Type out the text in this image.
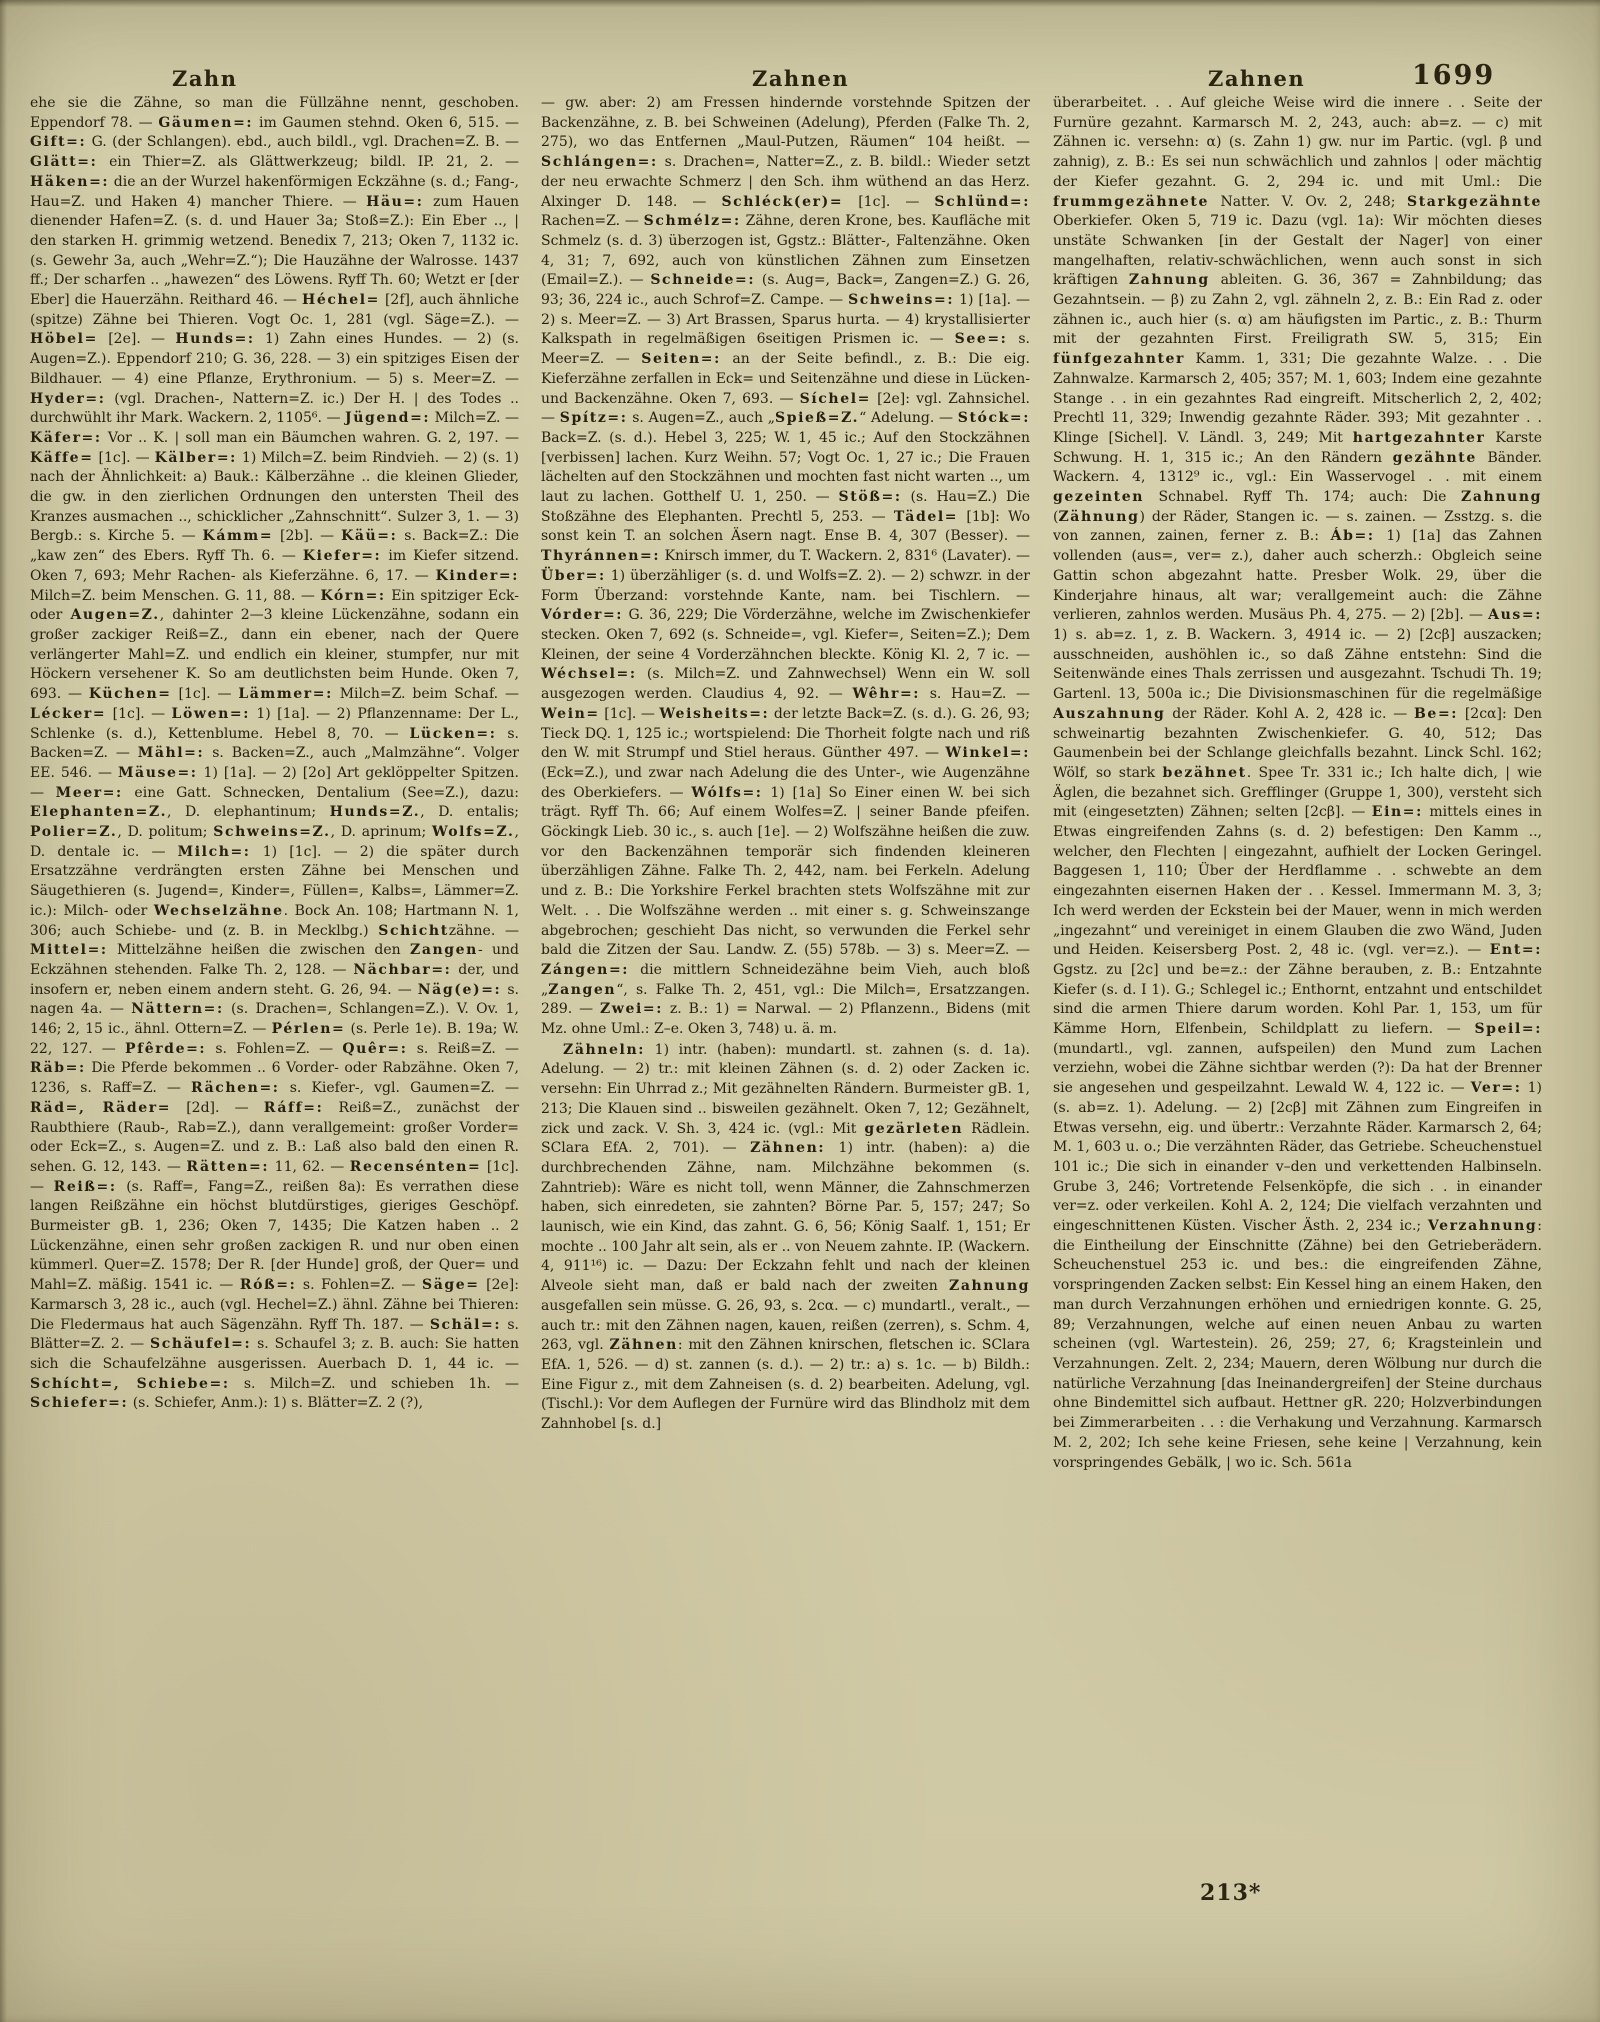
Zahn	Zahnen	Zahnen	1699

ehe sie die Zähne, so man die Füllzähne nennt, geschoben. Eppendorf 78. — Gäumen=: im Gaumen stehnd. Oken 6, 515. — Gift=: G. (der Schlangen). ebd., auch bildl., vgl. Drachen=Z. B. — Glätt=: ein Thier=Z. als Glättwerkzeug; bildl. IP. 21, 2. — Häken=: die an der Wurzel hakenförmigen Eckzähne (s. d.; Fang-, Hau=Z. und Haken 4) mancher Thiere. — Häu=: zum Hauen dienender Hafen=Z. (s. d. und Hauer 3a; Stoß=Z.): Ein Eber .., | den starken H. grimmig wetzend. Benedix 7, 213; Oken 7, 1132 ic. (s. Gewehr 3a, auch „Wehr=Z.“); Die Hauzähne der Walrosse. 1437 ff.; Der scharfen .. „hawezen“ des Löwens. Ryff Th. 60; Wetzt er [der Eber] die Hauerzähn. Reithard 46. — Héchel= [2f], auch ähnliche (spitze) Zähne bei Thieren. Vogt Oc. 1, 281 (vgl. Säge=Z.). — Höbel= [2e]. — Hunds=: 1) Zahn eines Hundes. — 2) (s. Augen=Z.). Eppendorf 210; G. 36, 228. — 3) ein spitziges Eisen der Bildhauer. — 4) eine Pflanze, Erythronium. — 5) s. Meer=Z. — Hyder=: (vgl. Drachen-, Nattern=Z. ic.) Der H. | des Todes .. durchwühlt ihr Mark. Wackern. 2, 1105⁶. — Jügend=: Milch=Z. — Käfer=: Vor .. K. | soll man ein Bäumchen wahren. G. 2, 197. — Käffe= [1c]. — Kälber=: 1) Milch=Z. beim Rindvieh. — 2) (s. 1) nach der Ähnlichkeit: a) Bauk.: Kälberzähne .. die kleinen Glieder, die gw. in den zierlichen Ordnungen den untersten Theil des Kranzes ausmachen .., schicklicher „Zahnschnitt“. Sulzer 3, 1. — 3) Bergb.: s. Kirche 5. — Kámm= [2b]. — Käü=: s. Back=Z.: Die „kaw zen“ des Ebers. Ryff Th. 6. — Kiefer=: im Kiefer sitzend. Oken 7, 693; Mehr Rachen- als Kieferzähne. 6, 17. — Kinder=: Milch=Z. beim Menschen. G. 11, 88. — Kórn=: Ein spitziger Eck- oder Augen=Z., dahinter 2—3 kleine Lückenzähne, sodann ein großer zackiger Reiß=Z., dann ein ebener, nach der Quere verlängerter Mahl=Z. und endlich ein kleiner, stumpfer, nur mit Höckern versehener K. So am deutlichsten beim Hunde. Oken 7, 693. — Küchen= [1c]. — Lämmer=: Milch=Z. beim Schaf. — Lécker= [1c]. — Löwen=: 1) [1a]. — 2) Pflanzenname: Der L., Schlenke (s. d.), Kettenblume. Hebel 8, 70. — Lücken=: s. Backen=Z. — Mähl=: s. Backen=Z., auch „Malmzähne“. Volger EE. 546. — Mäuse=: 1) [1a]. — 2) [2o] Art geklöppelter Spitzen. — Meer=: eine Gatt. Schnecken, Dentalium (See=Z.), dazu: Elephanten=Z., D. elephantinum; Hunds=Z., D. entalis; Polier=Z., D. politum; Schweins=Z., D. aprinum; Wolfs=Z., D. dentale ic. — Milch=: 1) [1c]. — 2) die später durch Ersatzzähne verdrängten ersten Zähne bei Menschen und Säugethieren (s. Jugend=, Kinder=, Füllen=, Kalbs=, Lämmer=Z. ic.): Milch- oder Wechselzähne. Bock An. 108; Hartmann N. 1, 306; auch Schiebe- und (z. B. in Mecklbg.) Schichtzähne. — Mittel=: Mittelzähne heißen die zwischen den Zangen- und Eckzähnen stehenden. Falke Th. 2, 128. — Nächbar=: der, und insofern er, neben einem andern steht. G. 26, 94. — Näg(e)=: s. nagen 4a. — Nättern=: (s. Drachen=, Schlangen=Z.). V. Ov. 1, 146; 2, 15 ic., ähnl. Ottern=Z. — Pérlen= (s. Perle 1e). B. 19a; W. 22, 127. — Pfêrde=: s. Fohlen=Z. — Quêr=: s. Reiß=Z. — Räb=: Die Pferde bekommen .. 6 Vorder- oder Rabzähne. Oken 7, 1236, s. Raff=Z. — Rächen=: s. Kiefer-, vgl. Gaumen=Z. — Räd=, Räder= [2d]. — Ráff=: Reiß=Z., zunächst der Raubthiere (Raub-, Rab=Z.), dann verallgemeint: großer Vorder= oder Eck=Z., s. Augen=Z. und z. B.: Laß also bald den einen R. sehen. G. 12, 143. — Rätten=: 11, 62. — Recensénten= [1c]. — Reiß=: (s. Raff=, Fang=Z., reißen 8a): Es verrathen diese langen Reißzähne ein höchst blutdürstiges, gieriges Geschöpf. Burmeister gB. 1, 236; Oken 7, 1435; Die Katzen haben .. 2 Lückenzähne, einen sehr großen zackigen R. und nur oben einen kümmerl. Quer=Z. 1578; Der R. [der Hunde] groß, der Quer= und Mahl=Z. mäßig. 1541 ic. — Róß=: s. Fohlen=Z. — Säge= [2e]: Karmarsch 3, 28 ic., auch (vgl. Hechel=Z.) ähnl. Zähne bei Thieren: Die Fledermaus hat auch Sägenzähn. Ryff Th. 187. — Schäl=: s. Blätter=Z. 2. — Schäufel=: s. Schaufel 3; z. B. auch: Sie hatten sich die Schaufelzähne ausgerissen. Auerbach D. 1, 44 ic. — Schícht=, Schiebe=: s. Milch=Z. und schieben 1h. — Schiefer=: (s. Schiefer, Anm.): 1) s. Blätter=Z. 2 (?),

— gw. aber: 2) am Fressen hindernde vorstehnde Spitzen der Backenzähne, z. B. bei Schweinen (Adelung), Pferden (Falke Th. 2, 275), wo das Entfernen „Maul-Putzen, Räumen“ 104 heißt. — Schlángen=: s. Drachen=, Natter=Z., z. B. bildl.: Wieder setzt der neu erwachte Schmerz | den Sch. ihm wüthend an das Herz. Alxinger D. 148. — Schléck(er)= [1c]. — Schlünd=: Rachen=Z. — Schmélz=: Zähne, deren Krone, bes. Kaufläche mit Schmelz (s. d. 3) überzogen ist, Ggstz.: Blätter-, Faltenzähne. Oken 4, 31; 7, 692, auch von künstlichen Zähnen zum Einsetzen (Email=Z.). — Schneide=: (s. Aug=, Back=, Zangen=Z.) G. 26, 93; 36, 224 ic., auch Schrof=Z. Campe. — Schweins=: 1) [1a]. — 2) s. Meer=Z. — 3) Art Brassen, Sparus hurta. — 4) krystallisierter Kalkspath in regelmäßigen 6seitigen Prismen ic. — See=: s. Meer=Z. — Seiten=: an der Seite befindl., z. B.: Die eig. Kieferzähne zerfallen in Eck= und Seitenzähne und diese in Lücken- und Backenzähne. Oken 7, 693. — Síchel= [2e]: vgl. Zahnsichel. — Spítz=: s. Augen=Z., auch „Spieß=Z.“ Adelung. — Stóck=: Back=Z. (s. d.). Hebel 3, 225; W. 1, 45 ic.; Auf den Stockzähnen [verbissen] lachen. Kurz Weihn. 57; Vogt Oc. 1, 27 ic.; Die Frauen lächelten auf den Stockzähnen und mochten fast nicht warten .., um laut zu lachen. Gotthelf U. 1, 250. — Stöß=: (s. Hau=Z.) Die Stoßzähne des Elephanten. Prechtl 5, 253. — Tädel= [1b]: Wo sonst kein T. an solchen Äsern nagt. Ense B. 4, 307 (Besser). — Thyránnen=: Knirsch immer, du T. Wackern. 2, 831⁶ (Lavater). — Über=: 1) überzähliger (s. d. und Wolfs=Z. 2). — 2) schwzr. in der Form Überzand: vorstehnde Kante, nam. bei Tischlern. — Vórder=: G. 36, 229; Die Vörderzähne, welche im Zwischenkiefer stecken. Oken 7, 692 (s. Schneide=, vgl. Kiefer=, Seiten=Z.); Dem Kleinen, der seine 4 Vorderzähnchen bleckte. König Kl. 2, 7 ic. — Wéchsel=: (s. Milch=Z. und Zahnwechsel) Wenn ein W. soll ausgezogen werden. Claudius 4, 92. — Wêhr=: s. Hau=Z. — Wein= [1c]. — Weisheits=: der letzte Back=Z. (s. d.). G. 26, 93; Tieck DQ. 1, 125 ic.; wortspielend: Die Thorheit folgte nach und riß den W. mit Strumpf und Stiel heraus. Günther 497. — Winkel=: (Eck=Z.), und zwar nach Adelung die des Unter-, wie Augenzähne des Oberkiefers. — Wólfs=: 1) [1a] So Einer einen W. bei sich trägt. Ryff Th. 66; Auf einem Wolfes=Z. | seiner Bande pfeifen. Göckingk Lieb. 30 ic., s. auch [1e]. — 2) Wolfszähne heißen die zuw. vor den Backenzähnen temporär sich findenden kleineren überzähligen Zähne. Falke Th. 2, 442, nam. bei Ferkeln. Adelung und z. B.: Die Yorkshire Ferkel brachten stets Wolfszähne mit zur Welt. . . Die Wolfszähne werden .. mit einer s. g. Schweinszange abgebrochen; geschieht Das nicht, so verwunden die Ferkel sehr bald die Zitzen der Sau. Landw. Z. (55) 578b. — 3) s. Meer=Z. — Zángen=: die mittlern Schneidezähne beim Vieh, auch bloß „Zangen“, s. Falke Th. 2, 451, vgl.: Die Milch=, Ersatzzangen. 289. — Zwei=: z. B.: 1) = Narwal. — 2) Pflanzenn., Bidens (mit Mz. ohne Uml.: Z–e. Oken 3, 748) u. ä. m.

Zähneln: 1) intr. (haben): mundartl. st. zahnen (s. d. 1a). Adelung. — 2) tr.: mit kleinen Zähnen (s. d. 2) oder Zacken ic. versehn: Ein Uhrrad z.; Mit gezähnelten Rändern. Burmeister gB. 1, 213; Die Klauen sind .. bisweilen gezähnelt. Oken 7, 12; Gezähnelt, zick und zack. V. Sh. 3, 424 ic. (vgl.: Mit gezärleten Rädlein. SClara EfA. 2, 701). — Zähnen: 1) intr. (haben): a) die durchbrechenden Zähne, nam. Milchzähne bekommen (s. Zahntrieb): Wäre es nicht toll, wenn Männer, die Zahnschmerzen haben, sich einredeten, sie zahnten? Börne Par. 5, 157; 247; So launisch, wie ein Kind, das zahnt. G. 6, 56; König Saalf. 1, 151; Er mochte .. 100 Jahr alt sein, als er .. von Neuem zahnte. IP. (Wackern. 4, 911¹⁶) ic. — Dazu: Der Eckzahn fehlt und nach der kleinen Alveole sieht man, daß er bald nach der zweiten Zahnung ausgefallen sein müsse. G. 26, 93, s. 2cα. — c) mundartl., veralt., — auch tr.: mit den Zähnen nagen, kauen, reißen (zerren), s. Schm. 4, 263, vgl. Zähnen: mit den Zähnen knirschen, fletschen ic. SClara EfA. 1, 526. — d) st. zannen (s. d.). — 2) tr.: a) s. 1c. — b) Bildh.: Eine Figur z., mit dem Zahneisen (s. d. 2) bearbeiten. Adelung, vgl. (Tischl.): Vor dem Auflegen der Furnüre wird das Blindholz mit dem Zahnhobel [s. d.]

überarbeitet. . . Auf gleiche Weise wird die innere . . Seite der Furnüre gezahnt. Karmarsch M. 2, 243, auch: ab=z. — c) mit Zähnen ic. versehn: α) (s. Zahn 1) gw. nur im Partic. (vgl. β und zahnig), z. B.: Es sei nun schwächlich und zahnlos | oder mächtig der Kiefer gezahnt. G. 2, 294 ic. und mit Uml.: Die frummgezähnete Natter. V. Ov. 2, 248; Starkgezähnte Oberkiefer. Oken 5, 719 ic. Dazu (vgl. 1a): Wir möchten dieses unstäte Schwanken [in der Gestalt der Nager] von einer mangelhaften, relativ-schwächlichen, wenn auch sonst in sich kräftigen Zahnung ableiten. G. 36, 367 = Zahnbildung; das Gezahntsein. — β) zu Zahn 2, vgl. zähneln 2, z. B.: Ein Rad z. oder zähnen ic., auch hier (s. α) am häufigsten im Partic., z. B.: Thurm mit der gezahnten First. Freiligrath SW. 5, 315; Ein fünfgezahnter Kamm. 1, 331; Die gezahnte Walze. . . Die Zahnwalze. Karmarsch 2, 405; 357; M. 1, 603; Indem eine gezahnte Stange . . in ein gezahntes Rad eingreift. Mitscherlich 2, 2, 402; Prechtl 11, 329; Inwendig gezahnte Räder. 393; Mit gezahnter . . Klinge [Sichel]. V. Ländl. 3, 249; Mit hartgezahnter Karste Schwung. H. 1, 315 ic.; An den Rändern gezähnte Bänder. Wackern. 4, 1312⁹ ic., vgl.: Ein Wasservogel . . mit einem gezeinten Schnabel. Ryff Th. 174; auch: Die Zahnung (Zähnung) der Räder, Stangen ic. — s. zainen. — Zsstzg. s. die von zannen, zainen, ferner z. B.: Áb=: 1) [1a] das Zahnen vollenden (aus=, ver= z.), daher auch scherzh.: Obgleich seine Gattin schon abgezahnt hatte. Presber Wolk. 29, über die Kinderjahre hinaus, alt war; verallgemeint auch: die Zähne verlieren, zahnlos werden. Musäus Ph. 4, 275. — 2) [2b]. — Aus=: 1) s. ab=z. 1, z. B. Wackern. 3, 4914 ic. — 2) [2cβ] auszacken; ausschneiden, aushöhlen ic., so daß Zähne entstehn: Sind die Seitenwände eines Thals zerrissen und ausgezahnt. Tschudi Th. 19; Gartenl. 13, 500a ic.; Die Divisionsmaschinen für die regelmäßige Auszahnung der Räder. Kohl A. 2, 428 ic. — Be=: [2cα]: Den schweinartig bezahnten Zwischenkiefer. G. 40, 512; Das Gaumenbein bei der Schlange gleichfalls bezahnt. Linck Schl. 162; Wölf, so stark bezähnet. Spee Tr. 331 ic.; Ich halte dich, | wie Äglen, die bezahnet sich. Grefflinger (Gruppe 1, 300), versteht sich mit (eingesetzten) Zähnen; selten [2cβ]. — Ein=: mittels eines in Etwas eingreifenden Zahns (s. d. 2) befestigen: Den Kamm .., welcher, den Flechten | eingezahnt, aufhielt der Locken Geringel. Baggesen 1, 110; Über der Herdflamme . . schwebte an dem eingezahnten eisernen Haken der . . Kessel. Immermann M. 3, 3; Ich werd werden der Eckstein bei der Mauer, wenn in mich werden „ingezahnt“ und vereiniget in einem Glauben die zwo Wänd, Juden und Heiden. Keisersberg Post. 2, 48 ic. (vgl. ver=z.). — Ent=: Ggstz. zu [2c] und be=z.: der Zähne berauben, z. B.: Entzahnte Kiefer (s. d. I 1). G.; Schlegel ic.; Enthornt, entzahnt und entschildet sind die armen Thiere darum worden. Kohl Par. 1, 153, um für Kämme Horn, Elfenbein, Schildplatt zu liefern. — Speil=: (mundartl., vgl. zannen, aufspeilen) den Mund zum Lachen verziehn, wobei die Zähne sichtbar werden (?): Da hat der Brenner sie angesehen und gespeilzahnt. Lewald W. 4, 122 ic. — Ver=: 1) (s. ab=z. 1). Adelung. — 2) [2cβ] mit Zähnen zum Eingreifen in Etwas versehn, eig. und übertr.: Verzahnte Räder. Karmarsch 2, 64; M. 1, 603 u. o.; Die verzähnten Räder, das Getriebe. Scheuchenstuel 101 ic.; Die sich in einander v–den und verkettenden Halbinseln. Grube 3, 246; Vortretende Felsenköpfe, die sich . . in einander ver=z. oder verkeilen. Kohl A. 2, 124; Die vielfach verzahnten und eingeschnittenen Küsten. Vischer Ästh. 2, 234 ic.; Verzahnung: die Eintheilung der Einschnitte (Zähne) bei den Getrieberädern. Scheuchenstuel 253 ic. und bes.: die eingreifenden Zähne, vorspringenden Zacken selbst: Ein Kessel hing an einem Haken, den man durch Verzahnungen erhöhen und erniedrigen konnte. G. 25, 89; Verzahnungen, welche auf einen neuen Anbau zu warten scheinen (vgl. Wartestein). 26, 259; 27, 6; Kragsteinlein und Verzahnungen. Zelt. 2, 234; Mauern, deren Wölbung nur durch die natürliche Verzahnung [das Ineinandergreifen] der Steine durchaus ohne Bindemittel sich aufbaut. Hettner gR. 220; Holzverbindungen bei Zimmerarbeiten . . : die Verhakung und Verzahnung. Karmarsch M. 2, 202; Ich sehe keine Friesen, sehe keine | Verzahnung, kein vorspringendes Gebälk, | wo ic. Sch. 561a

213*
